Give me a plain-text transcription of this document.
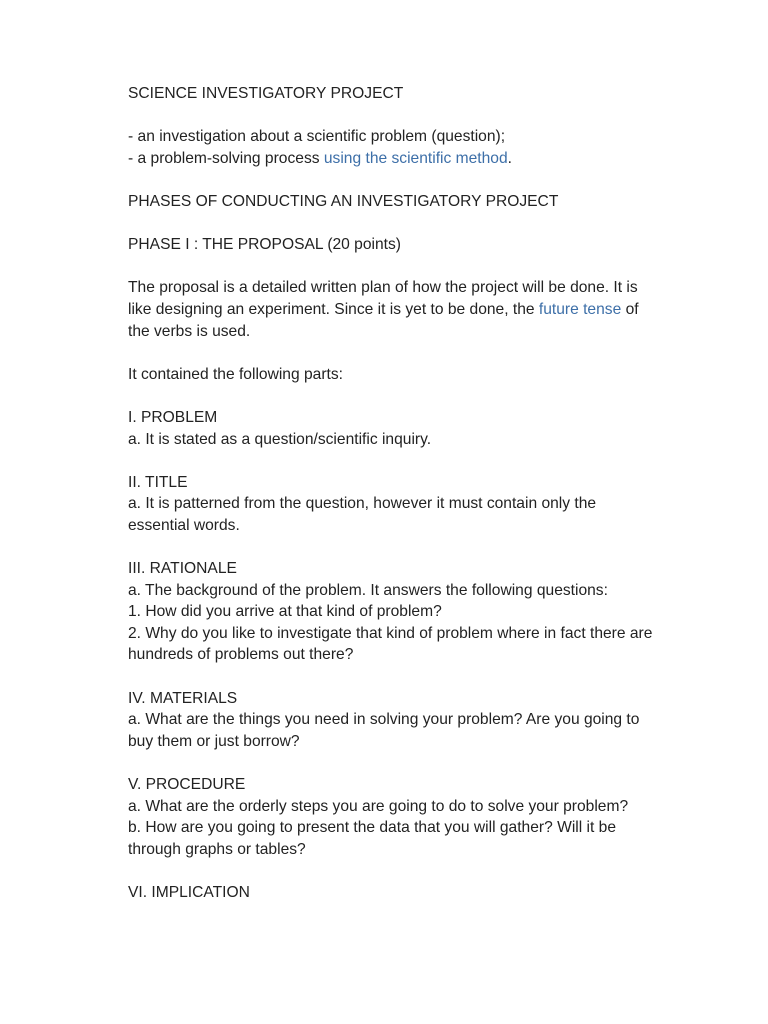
SCIENCE INVESTIGATORY PROJECT

- an investigation about a scientific problem (question);
- a problem-solving process using the scientific method.

PHASES OF CONDUCTING AN INVESTIGATORY PROJECT

PHASE I : THE PROPOSAL (20 points)

The proposal is a detailed written plan of how the project will be done. It is
like designing an experiment. Since it is yet to be done, the future tense of
the verbs is used.

It contained the following parts:

I. PROBLEM
a. It is stated as a question/scientific inquiry.
II. TITLE
a. It is patterned from the question, however it must contain only the
essential words.
III. RATIONALE
a. The background of the problem. It answers the following questions:
1. How did you arrive at that kind of problem?
2. Why do you like to investigate that kind of problem where in fact there are
hundreds of problems out there?
IV. MATERIALS
a. What are the things you need in solving your problem? Are you going to
buy them or just borrow?
V. PROCEDURE
a. What are the orderly steps you are going to do to solve your problem?
b. How are you going to present the data that you will gather? Will it be
through graphs or tables?
VI. IMPLICATION
